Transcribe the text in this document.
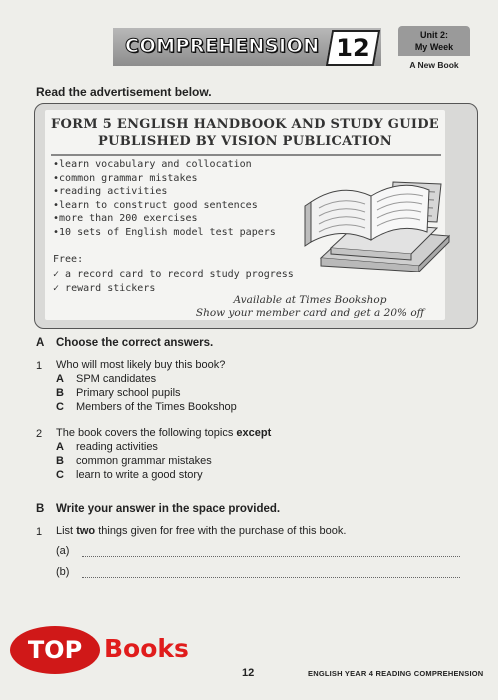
COMPREHENSION 12	Unit 2:
My Week
A New Book
Read the advertisement below.
FORM 5 ENGLISH HANDBOOK AND STUDY GUIDE
PUBLISHED BY VISION PUBLICATION
• learn vocabulary and collocation
• common grammar mistakes
• reading activities
• learn to construct good sentences
• more than 200 exercises
• 10 sets of English model test papers
Free:
✓ a record card to record study progress
✓ reward stickers
Available at Times Bookshop
Show your member card and get a 20% off
A Choose the correct answers.
1 Who will most likely buy this book?
A SPM candidates
B Primary school pupils
C Members of the Times Bookshop
2 The book covers the following topics except
A reading activities
B common grammar mistakes
C learn to write a good story
B Write your answer in the space provided.
1 List two things given for free with the purchase of this book.
(a)
(b)
TOP Books
12	ENGLISH YEAR 4 READING COMPREHENSION
